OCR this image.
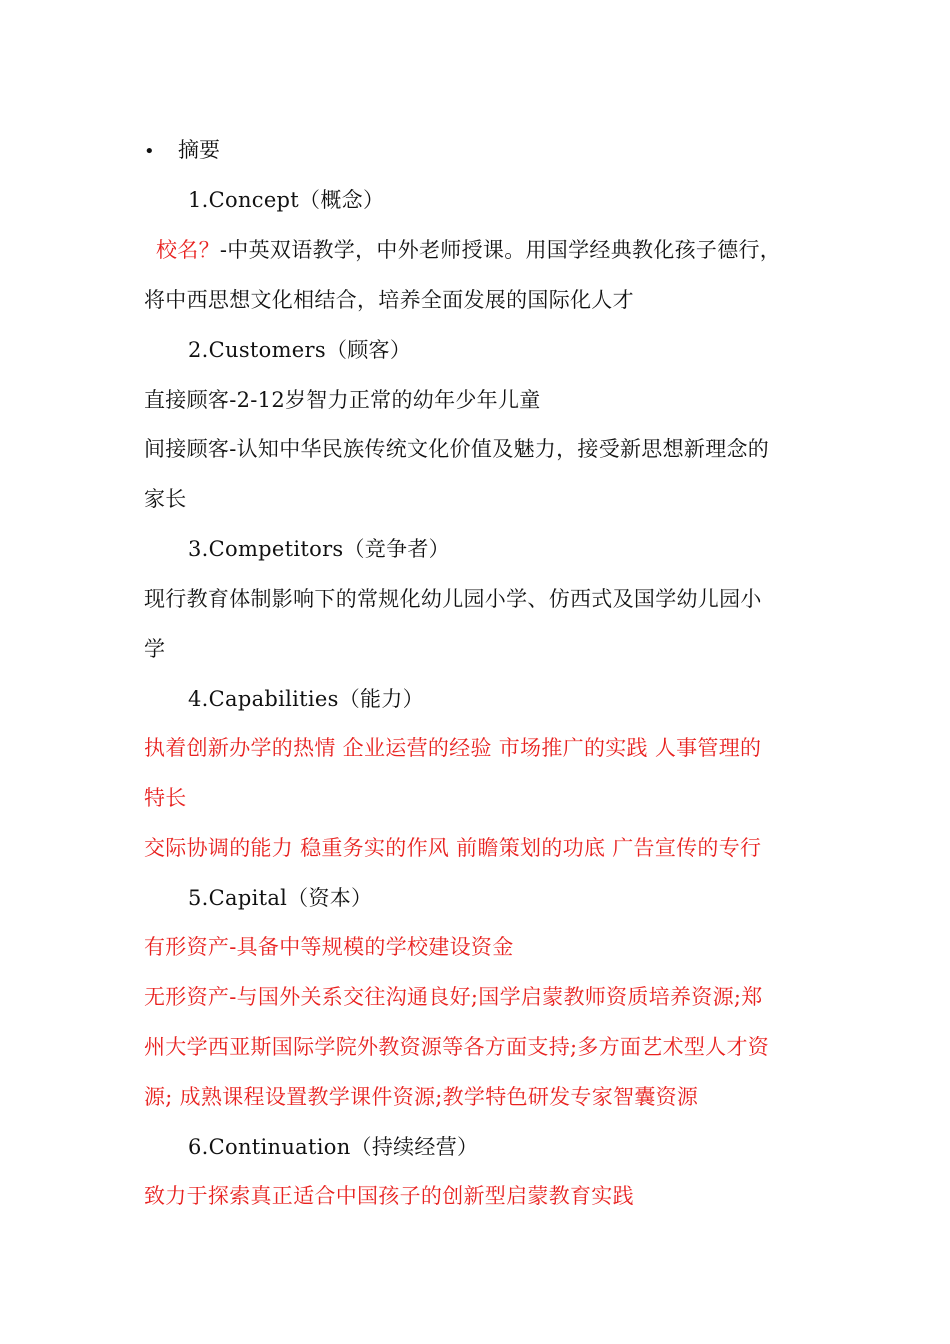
• 摘要
1.Concept（概念）
校名？-中英双语教学，中外老师授课。用国学经典教化孩子德行，
将中西思想文化相结合，培养全面发展的国际化人才
2.Customers（顾客）
直接顾客-2-12岁智力正常的幼年少年儿童
间接顾客-认知中华民族传统文化价值及魅力，接受新思想新理念的
家长
3.Competitors（竞争者）
现行教育体制影响下的常规化幼儿园小学、仿西式及国学幼儿园小
学
4.Capabilities（能力）
执着创新办学的热情 企业运营的经验 市场推广的实践 人事管理的
特长
交际协调的能力 稳重务实的作风 前瞻策划的功底 广告宣传的专行
5.Capital（资本）
有形资产-具备中等规模的学校建设资金
无形资产-与国外关系交往沟通良好;国学启蒙教师资质培养资源;郑
州大学西亚斯国际学院外教资源等各方面支持;多方面艺术型人才资
源; 成熟课程设置教学课件资源;教学特色研发专家智囊资源
6.Continuation（持续经营）
致力于探索真正适合中国孩子的创新型启蒙教育实践
